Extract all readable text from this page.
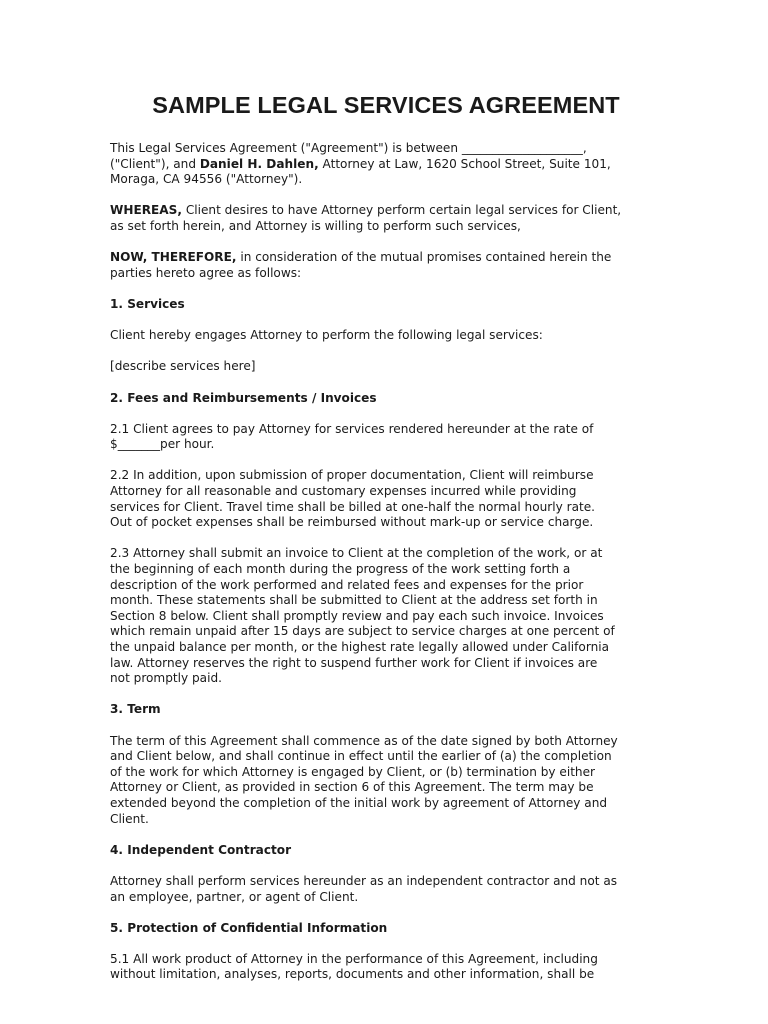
SAMPLE LEGAL SERVICES AGREEMENT
This Legal Services Agreement ("Agreement") is between ____________________,
("Client"), and Daniel H. Dahlen, Attorney at Law, 1620 School Street, Suite 101,
Moraga, CA 94556 ("Attorney").
WHEREAS, Client desires to have Attorney perform certain legal services for Client,
as set forth herein, and Attorney is willing to perform such services,
NOW, THEREFORE, in consideration of the mutual promises contained herein the
parties hereto agree as follows:
1. Services
Client hereby engages Attorney to perform the following legal services:
[describe services here]
2. Fees and Reimbursements / Invoices
2.1 Client agrees to pay Attorney for services rendered hereunder at the rate of
$_______per hour.
2.2 In addition, upon submission of proper documentation, Client will reimburse
Attorney for all reasonable and customary expenses incurred while providing
services for Client. Travel time shall be billed at one-half the normal hourly rate.
Out of pocket expenses shall be reimbursed without mark-up or service charge.
2.3 Attorney shall submit an invoice to Client at the completion of the work, or at
the beginning of each month during the progress of the work setting forth a
description of the work performed and related fees and expenses for the prior
month. These statements shall be submitted to Client at the address set forth in
Section 8 below. Client shall promptly review and pay each such invoice. Invoices
which remain unpaid after 15 days are subject to service charges at one percent of
the unpaid balance per month, or the highest rate legally allowed under California
law. Attorney reserves the right to suspend further work for Client if invoices are
not promptly paid.
3. Term
The term of this Agreement shall commence as of the date signed by both Attorney
and Client below, and shall continue in effect until the earlier of (a) the completion
of the work for which Attorney is engaged by Client, or (b) termination by either
Attorney or Client, as provided in section 6 of this Agreement. The term may be
extended beyond the completion of the initial work by agreement of Attorney and
Client.
4. Independent Contractor
Attorney shall perform services hereunder as an independent contractor and not as
an employee, partner, or agent of Client.
5. Protection of Confidential Information
5.1 All work product of Attorney in the performance of this Agreement, including
without limitation, analyses, reports, documents and other information, shall be
